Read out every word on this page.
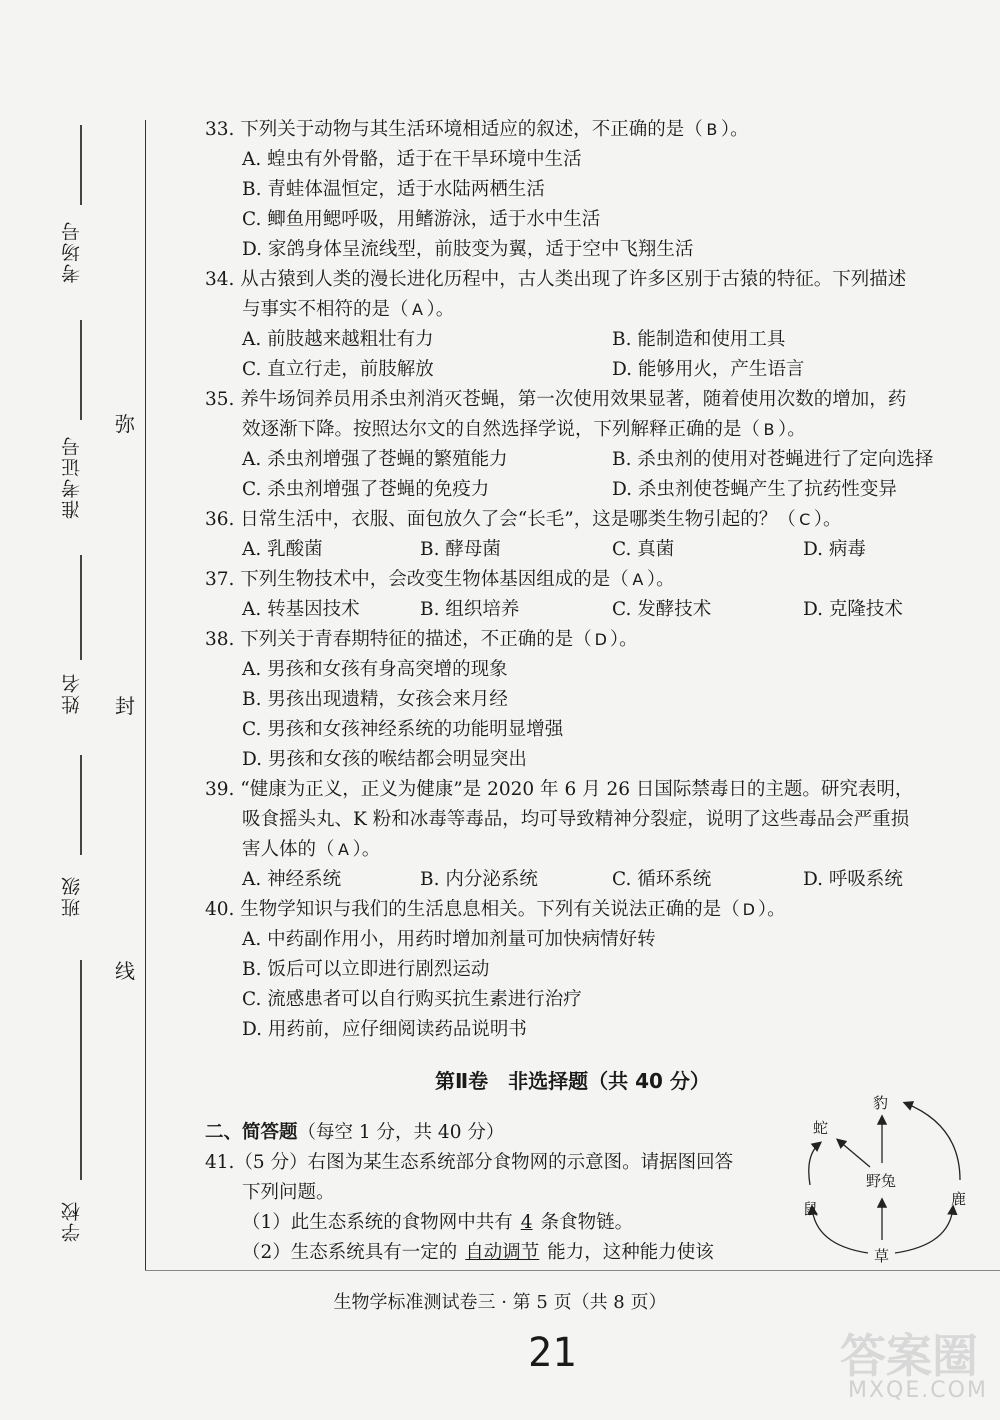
考场号
准考证号
姓名
班级
学校
弥
封
线
33. 下列关于动物与其生活环境相适应的叙述，不正确的是（ B ）。
A. 蝗虫有外骨骼，适于在干旱环境中生活
B. 青蛙体温恒定，适于水陆两栖生活
C. 鲫鱼用鳃呼吸，用鳍游泳，适于水中生活
D. 家鸽身体呈流线型，前肢变为翼，适于空中飞翔生活
34. 从古猿到人类的漫长进化历程中，古人类出现了许多区别于古猿的特征。下列描述
与事实不相符的是（ A ）。
A. 前肢越来越粗壮有力	B. 能制造和使用工具
C. 直立行走，前肢解放	D. 能够用火，产生语言
35. 养牛场饲养员用杀虫剂消灭苍蝇，第一次使用效果显著，随着使用次数的增加，药
效逐渐下降。按照达尔文的自然选择学说，下列解释正确的是（ B ）。
A. 杀虫剂增强了苍蝇的繁殖能力	B. 杀虫剂的使用对苍蝇进行了定向选择
C. 杀虫剂增强了苍蝇的免疫力	D. 杀虫剂使苍蝇产生了抗药性变异
36. 日常生活中，衣服、面包放久了会“长毛”，这是哪类生物引起的？（ C ）。
A. 乳酸菌	B. 酵母菌	C. 真菌	D. 病毒
37. 下列生物技术中，会改变生物体基因组成的是（ A ）。
A. 转基因技术	B. 组织培养	C. 发酵技术	D. 克隆技术
38. 下列关于青春期特征的描述，不正确的是（ D ）。
A. 男孩和女孩有身高突增的现象
B. 男孩出现遗精，女孩会来月经
C. 男孩和女孩神经系统的功能明显增强
D. 男孩和女孩的喉结都会明显突出
39. “健康为正义，正义为健康”是 2020 年 6 月 26 日国际禁毒日的主题。研究表明，
吸食摇头丸、K 粉和冰毒等毒品，均可导致精神分裂症，说明了这些毒品会严重损
害人体的（ A ）。
A. 神经系统	B. 内分泌系统	C. 循环系统	D. 呼吸系统
40. 生物学知识与我们的生活息息相关。下列有关说法正确的是（ D ）。
A. 中药副作用小，用药时增加剂量可加快病情好转
B. 饭后可以立即进行剧烈运动
C. 流感患者可以自行购买抗生素进行治疗
D. 用药前，应仔细阅读药品说明书
第Ⅱ卷　非选择题（共 40 分）
二、简答题（每空 1 分，共 40 分）
41.（5 分）右图为某生态系统部分食物网的示意图。请据图回答
下列问题。
（1）此生态系统的食物网中共有 4 条食物链。
（2）生态系统具有一定的 自动调节 能力，这种能力使该
豹
蛇
野兔
鹿
鼠
草
生物学标准测试卷三 · 第 5 页（共 8 页）
21	答案圈
MXQE.COM
